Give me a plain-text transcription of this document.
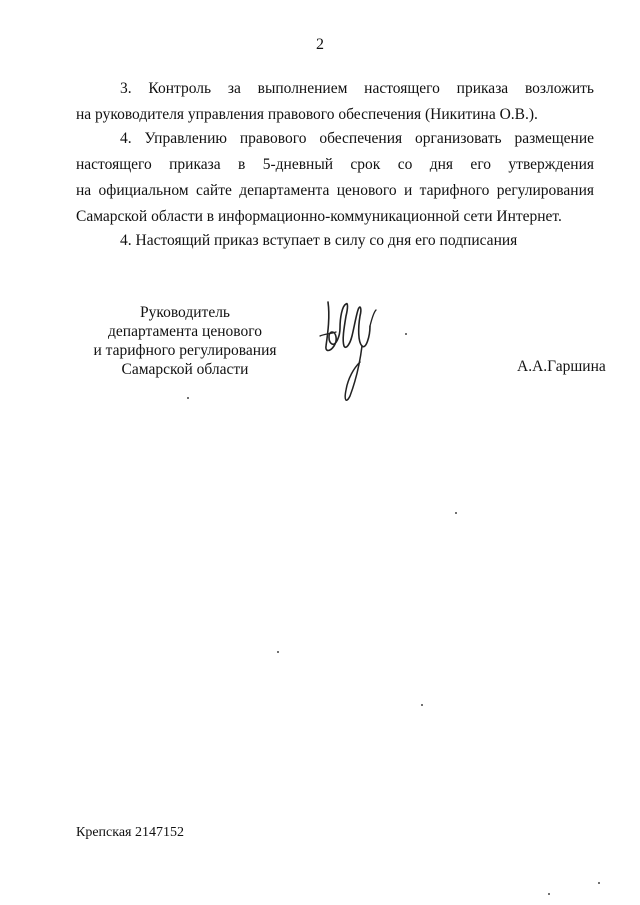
2
3. Контроль за выполнением настоящего приказа возложить
на руководителя управления правового обеспечения (Никитина О.В.).
4. Управлению правового обеспечения организовать размещение
настоящего приказа в 5-дневный срок со дня его утверждения
на официальном сайте департамента ценового и тарифного регулирования
Самарской области в информационно-коммуникационной сети Интернет.
4. Настоящий приказ вступает в силу со дня его подписания
Руководитель
департамента ценового
и тарифного регулирования
Самарской области	А.А.Гаршина
Крепская 2147152
